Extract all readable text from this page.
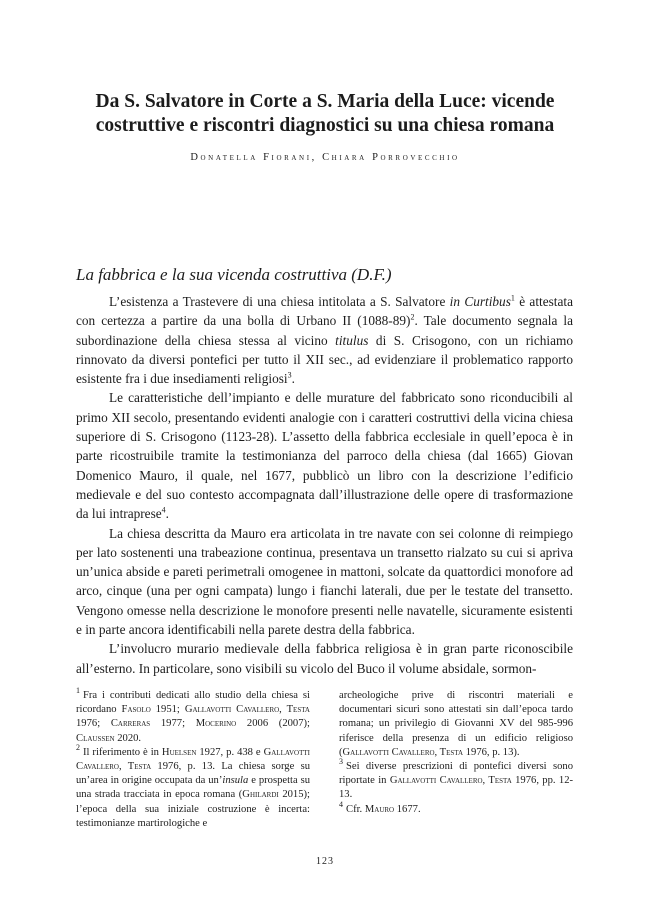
Da S. Salvatore in Corte a S. Maria della Luce: vicende
costruttive e riscontri diagnostici su una chiesa romana
Donatella Fiorani, Chiara Porrovecchio
La fabbrica e la sua vicenda costruttiva (D.F.)

L’esistenza a Trastevere di una chiesa intitolata a S. Salvatore in Curtibus$^1$ è attestata con certezza a partire da una bolla di Urbano II (1088-89)$^2$. Tale documento segnala la subordinazione della chiesa stessa al vicino titulus di S. Crisogono, con un richiamo rinnovato da diversi pontefici per tutto il XII sec., ad evidenziare il problematico rapporto esistente fra i due insediamenti religiosi$^3$.

Le caratteristiche dell’impianto e delle murature del fabbricato sono riconducibili al primo XII secolo, presentando evidenti analogie con i caratteri costruttivi della vicina chiesa superiore di S. Crisogono (1123-28). L’assetto della fabbrica ecclesiale in quell’epoca è in parte ricostruibile tramite la testimonianza del parroco della chiesa (dal 1665) Giovan Domenico Mauro, il quale, nel 1677, pubblicò un libro con la descrizione l’edificio medievale e del suo contesto accompagnata dall’illustrazione delle opere di trasformazione da lui intraprese$^4$.

La chiesa descritta da Mauro era articolata in tre navate con sei colonne di reimpiego per lato sostenenti una trabeazione continua, presentava un transetto rialzato su cui si apriva un’unica abside e pareti perimetrali omogenee in mattoni, solcate da quattordici monofore ad arco, cinque (una per ogni campata) lungo i fianchi laterali, due per le testate del transetto. Vengono omesse nella descrizione le monofore presenti nelle navatelle, sicuramente esistenti e in parte ancora identificabili nella parete destra della fabbrica.

L’involucro murario medievale della fabbrica religiosa è in gran parte riconoscibile all’esterno. In particolare, sono visibili su vicolo del Buco il volume absidale, sormon-

$^1$ Fra i contributi dedicati allo studio della chiesa si ricordano Fasolo 1951; Gallavotti Cavallero, Testa 1976; Carreras 1977; Mocerino 2006 (2007); Claussen 2020.

$^2$ Il riferimento è in Huelsen 1927, p. 438 e Gallavotti Cavallero, Testa 1976, p. 13. La chiesa sorge su un’area in origine occupata da un’insula e prospetta su una strada tracciata in epoca romana (Ghilardi 2015); l’epoca della sua iniziale costruzione è incerta: testimonianze martirologiche e

archeologiche prive di riscontri materiali e documentari sicuri sono attestati sin dall’epoca tardo romana; un privilegio di Giovanni XV del 985-996 riferisce della presenza di un edificio religioso (Gallavotti Cavallero, Testa 1976, p. 13).

$^3$ Sei diverse prescrizioni di pontefici diversi sono riportate in Gallavotti Cavallero, Testa 1976, pp. 12-13.

$^4$ Cfr. Mauro 1677.

123
